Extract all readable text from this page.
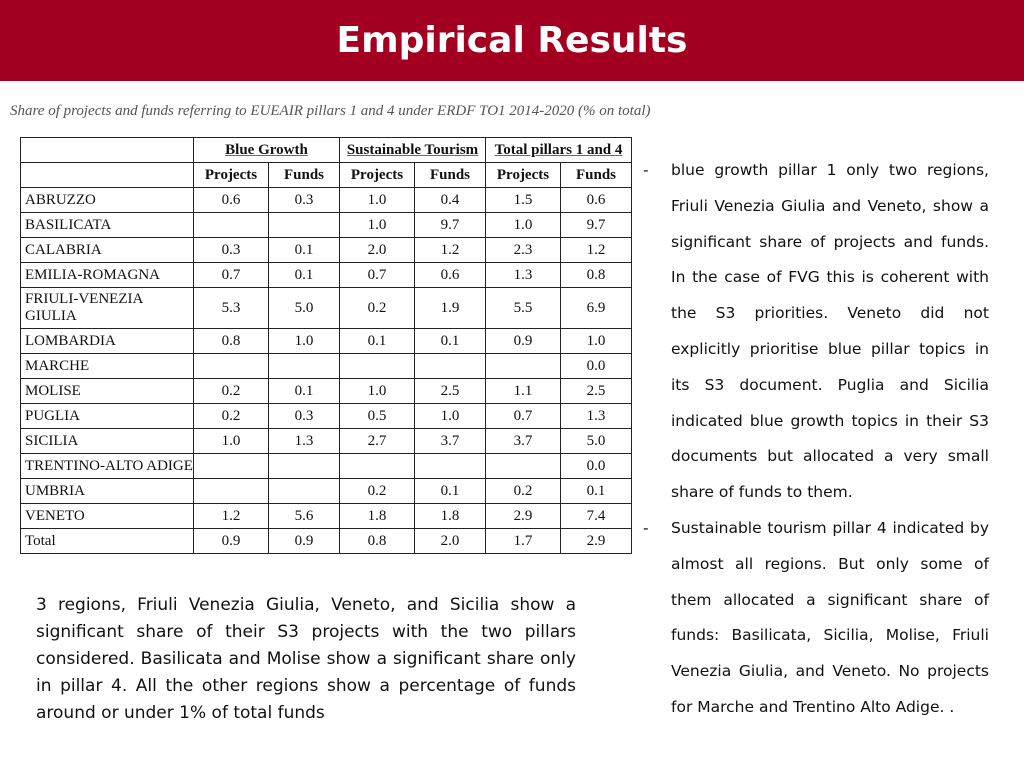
Empirical Results
Share of projects and funds referring to EUEAIR pillars 1 and 4 under ERDF TO1 2014-2020 (% on total)
	Blue Growth		Sustainable Tourism		Total pillars 1 and 4	
	Projects	Funds	Projects	Funds	Projects	Funds
ABRUZZO	0.6	0.3	1.0	0.4	1.5	0.6
BASILICATA			1.0	9.7	1.0	9.7
CALABRIA	0.3	0.1	2.0	1.2	2.3	1.2
EMILIA-ROMAGNA	0.7	0.1	0.7	0.6	1.3	0.8
FRIULI-VENEZIA GIULIA	5.3	5.0	0.2	1.9	5.5	6.9
LOMBARDIA	0.8	1.0	0.1	0.1	0.9	1.0
MARCHE						0.0
MOLISE	0.2	0.1	1.0	2.5	1.1	2.5
PUGLIA	0.2	0.3	0.5	1.0	0.7	1.3
SICILIA	1.0	1.3	2.7	3.7	3.7	5.0
TRENTINO-ALTO ADIGE						0.0
UMBRIA			0.2	0.1	0.2	0.1
VENETO	1.2	5.6	1.8	1.8	2.9	7.4
Total	0.9	0.9	0.8	2.0	1.7	2.9
3 regions, Friuli Venezia Giulia, Veneto, and Sicilia show a significant share of their S3 projects with the two pillars considered. Basilicata and Molise show a significant share only in pillar 4. All the other regions show a percentage of funds around or under 1% of total funds
-	blue growth pillar 1 only two regions, Friuli Venezia Giulia and Veneto, show a significant share of projects and funds. In the case of FVG this is coherent with the S3 priorities. Veneto did not explicitly prioritise blue pillar topics in its S3 document. Puglia and Sicilia indicated blue growth topics in their S3 documents but allocated a very small share of funds to them.
-	Sustainable tourism pillar 4 indicated by almost all regions. But only some of them allocated a significant share of funds: Basilicata, Sicilia, Molise, Friuli Venezia Giulia, and Veneto. No projects for Marche and Trentino Alto Adige. .
